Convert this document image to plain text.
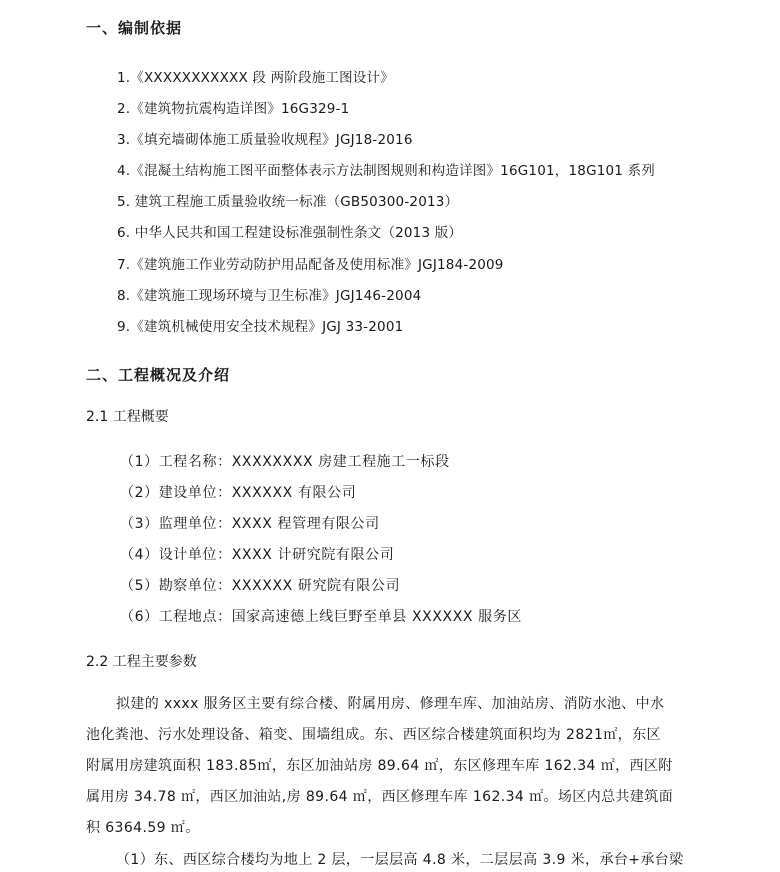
一、编制依据
1.《XXXXXXXXXXX 段 两阶段施工图设计》
2.《建筑物抗震构造详图》16G329-1
3.《填充墙砌体施工质量验收规程》JGJ18-2016
4.《混凝土结构施工图平面整体表示方法制图规则和构造详图》16G101，18G101 系列
5. 建筑工程施工质量验收统一标准（GB50300-2013）
6. 中华人民共和国工程建设标准强制性条文（2013 版）
7.《建筑施工作业劳动防护用品配备及使用标准》JGJ184-2009
8.《建筑施工现场环境与卫生标准》JGJ146-2004
9.《建筑机械使用安全技术规程》JGJ 33-2001
二、工程概况及介绍
2.1 工程概要
（1）工程名称：XXXXXXXX 房建工程施工一标段
（2）建设单位：XXXXXX 有限公司
（3）监理单位：XXXX 程管理有限公司
（4）设计单位：XXXX 计研究院有限公司
（5）勘察单位：XXXXXX 研究院有限公司
（6）工程地点：国家高速德上线巨野至单县 XXXXXX 服务区
2.2 工程主要参数
拟建的 xxxx 服务区主要有综合楼、附属用房、修理车库、加油站房、消防水池、中水
池化粪池、污水处理设备、箱变、围墙组成。东、西区综合楼建筑面积均为 2821㎡，东区
附属用房建筑面积 183.85㎡，东区加油站房 89.64 ㎡，东区修理车库 162.34 ㎡，西区附
属用房 34.78 ㎡，西区加油站,房 89.64 ㎡，西区修理车库 162.34 ㎡。场区内总共建筑面
积 6364.59 ㎡。
（1）东、西区综合楼均为地上 2 层，一层层高 4.8 米，二层层高 3.9 米，承台+承台梁
